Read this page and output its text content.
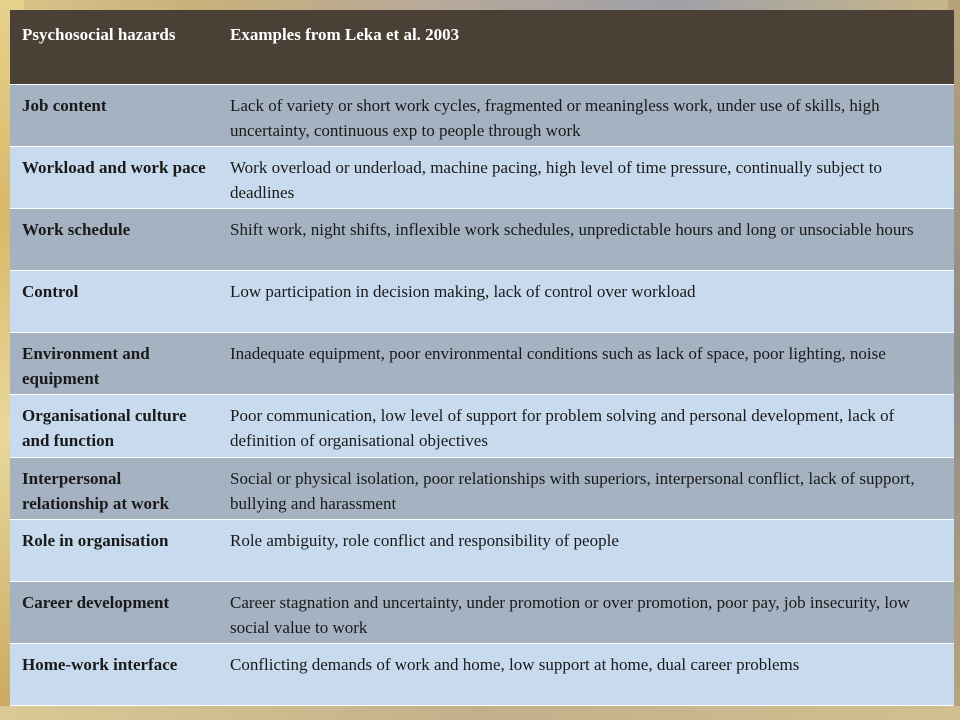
Psychosocial hazards	Examples from Leka et al. 2003
Job content	Lack of variety or short work cycles, fragmented or meaningless work, under use of skills, high uncertainty, continuous exp to people through work
Workload and work pace	Work overload or underload, machine pacing, high level of time pressure, continually subject to deadlines
Work schedule	Shift work, night shifts, inflexible work schedules, unpredictable hours and long or unsociable hours
Control	Low participation in decision making, lack of control over workload
Environment and equipment	Inadequate equipment, poor environmental conditions such as lack of space, poor lighting, noise
Organisational culture and function	Poor communication, low level of support for problem solving and personal development, lack of definition of organisational objectives
Interpersonal relationship at work	Social or physical isolation, poor relationships with superiors, interpersonal conflict, lack of support, bullying and harassment
Role in organisation	Role ambiguity, role conflict and responsibility of people
Career development	Career stagnation and uncertainty, under promotion or over promotion, poor pay, job insecurity, low social value to work
Home-work interface	Conflicting demands of work and home, low support at home, dual career problems
